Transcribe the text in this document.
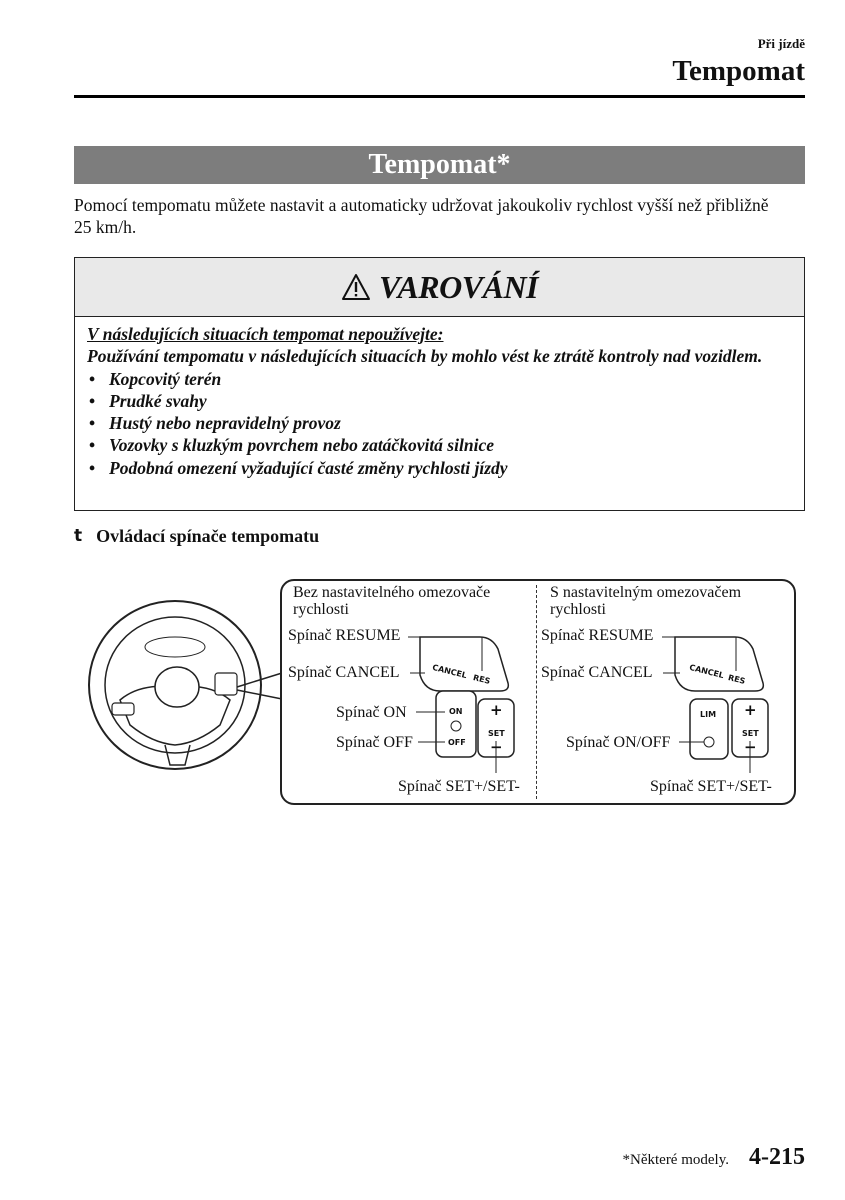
Při jízdě
Tempomat
Tempomat*

Pomocí tempomatu můžete nastavit a automaticky udržovat jakoukoliv rychlost vyšší než přibližně 25 km/h.

VAROVÁNÍ
V následujících situacích tempomat nepoužívejte:
Používání tempomatu v následujících situacích by mohlo vést ke ztrátě kontroly nad vozidlem.
• Kopcovitý terén
• Prudké svahy
• Hustý nebo nepravidelný provoz
• Vozovky s kluzkým povrchem nebo zatáčkovitá silnice
• Podobná omezení vyžadující časté změny rychlosti jízdy
t Ovládací spínače tempomatu
Bez nastavitelného omezovače rychlosti
Spínač RESUME
Spínač CANCEL
Spínač ON
Spínač OFF
Spínač SET+/SET-
CANCEL RES
ON
OFF
+
SET
−
S nastavitelným omezovačem rychlosti
Spínač RESUME
Spínač CANCEL
Spínač ON/OFF
Spínač SET+/SET-
CANCEL RES
LIM +
SET
−
*Některé modely. 4-215
